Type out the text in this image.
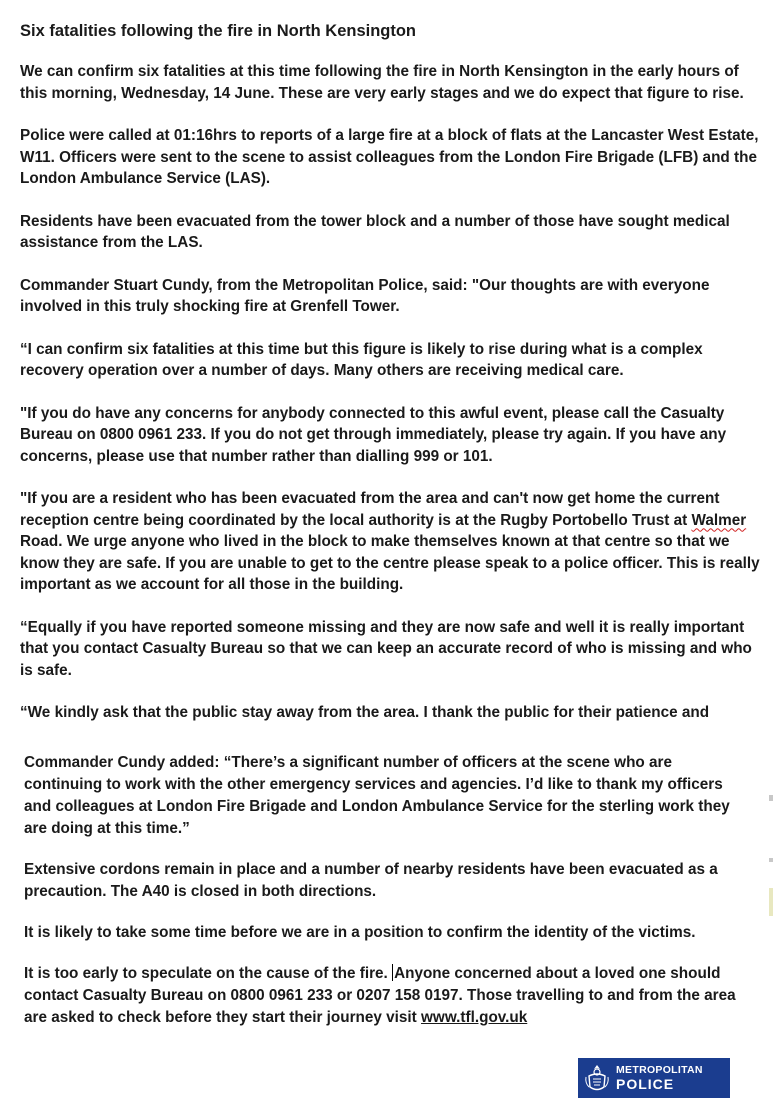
Six fatalities following the fire in North Kensington

We can confirm six fatalities at this time following the fire in North Kensington in the early hours of this morning, Wednesday, 14 June. These are very early stages and we do expect that figure to rise.

Police were called at 01:16hrs to reports of a large fire at a block of flats at the Lancaster West Estate, W11. Officers were sent to the scene to assist colleagues from the London Fire Brigade (LFB) and the London Ambulance Service (LAS).

Residents have been evacuated from the tower block and a number of those have sought medical assistance from the LAS.

Commander Stuart Cundy, from the Metropolitan Police, said: "Our thoughts are with everyone involved in this truly shocking fire at Grenfell Tower.

“I can confirm six fatalities at this time but this figure is likely to rise during what is a complex recovery operation over a number of days. Many others are receiving medical care.

"If you do have any concerns for anybody connected to this awful event, please call the Casualty Bureau on 0800 0961 233. If you do not get through immediately, please try again. If you have any concerns, please use that number rather than dialling 999 or 101.

"If you are a resident who has been evacuated from the area and can't now get home the current reception centre being coordinated by the local authority is at the Rugby Portobello Trust at Walmer Road. We urge anyone who lived in the block to make themselves known at that centre so that we know they are safe. If you are unable to get to the centre please speak to a police officer. This is really important as we account for all those in the building.

“Equally if you have reported someone missing and they are now safe and well it is really important that you contact Casualty Bureau so that we can keep an accurate record of who is missing and who is safe.

“We kindly ask that the public stay away from the area. I thank the public for their patience and

Commander Cundy added: “There’s a significant number of officers at the scene who are continuing to work with the other emergency services and agencies. I’d like to thank my officers and colleagues at London Fire Brigade and London Ambulance Service for the sterling work they are doing at this time.”

Extensive cordons remain in place and a number of nearby residents have been evacuated as a precaution. The A40 is closed in both directions.

It is likely to take some time before we are in a position to confirm the identity of the victims.

It is too early to speculate on the cause of the fire. Anyone concerned about a loved one should contact Casualty Bureau on 0800 0961 233 or 0207 158 0197. Those travelling to and from the area are asked to check before they start their journey visit www.tfl.gov.uk

METROPOLITAN
POLICE
